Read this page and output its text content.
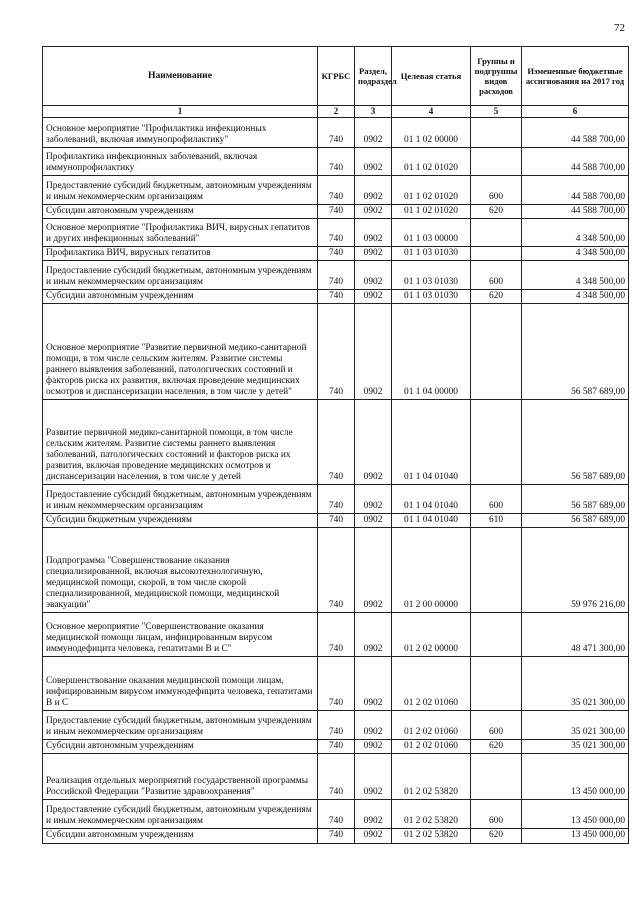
72
Наименование	КГРБС	Раздел, подраздел	Целевая статья	Группы и подгруппы видов расходов	Измененные бюджетные ассигнования на 2017 год
1	2	3	4	5	6
Основное мероприятие "Профилактика инфекционных заболеваний, включая иммунопрофилактику"	740	0902	01 1 02 00000		44 588 700,00
Профилактика инфекционных заболеваний, включая иммунопрофилактику	740	0902	01 1 02 01020		44 588 700,00
Предоставление субсидий бюджетным, автономным учреждениям и иным некоммерческим организациям	740	0902	01 1 02 01020	600	44 588 700,00
Субсидии автономным учреждениям	740	0902	01 1 02 01020	620	44 588 700,00
Основное мероприятие "Профилактика ВИЧ, вирусных гепатитов и других инфекционных заболеваний"	740	0902	01 1 03 00000		4 348 500,00
Профилактика ВИЧ, вирусных гепатитов	740	0902	01 1 03 01030		4 348 500,00
Предоставление субсидий бюджетным, автономным учреждениям и иным некоммерческим организациям	740	0902	01 1 03 01030	600	4 348 500,00
Субсидии автономным учреждениям	740	0902	01 1 03 01030	620	4 348 500,00
Основное мероприятие "Развитие первичной медико-санитарной помощи, в том числе сельским жителям. Развитие системы раннего выявления заболеваний, патологических состояний и факторов риска их развития, включая проведение медицинских осмотров и диспансеризации населения, в том числе у детей"	740	0902	01 1 04 00000		56 587 689,00
Развитие первичной медико-санитарной помощи, в том числе сельским жителям. Развитие системы раннего выявления заболеваний, патологических состояний и факторов риска их развития, включая проведение медицинских осмотров и диспансеризации населения, в том числе у детей	740	0902	01 1 04 01040		56 587 689,00
Предоставление субсидий бюджетным, автономным учреждениям и иным некоммерческим организациям	740	0902	01 1 04 01040	600	56 587 689,00
Субсидии бюджетным учреждениям	740	0902	01 1 04 01040	610	56 587 689,00
Подпрограмма "Совершенствование оказания специализированной, включая высокотехнологичную, медицинской помощи, скорой, в том числе скорой специализированной, медицинской помощи, медицинской эвакуации"	740	0902	01 2 00 00000		59 976 216,00
Основное мероприятие "Совершенствование оказания медицинской помощи лицам, инфицированным вирусом иммунодефицита человека, гепатитами В и С"	740	0902	01 2 02 00000		48 471 300,00
Совершенствование оказания медицинской помощи лицам, инфицированным вирусом иммунодефицита человека, гепатитами В и С	740	0902	01 2 02 01060		35 021 300,00
Предоставление субсидий бюджетным, автономным учреждениям и иным некоммерческим организациям	740	0902	01 2 02 01060	600	35 021 300,00
Субсидии автономным учреждениям	740	0902	01 2 02 01060	620	35 021 300,00
Реализация отдельных мероприятий государственной программы Российской Федерации "Развитие здравоохранения"	740	0902	01 2 02 53820		13 450 000,00
Предоставление субсидий бюджетным, автономным учреждениям и иным некоммерческим организациям	740	0902	01 2 02 53820	600	13 450 000,00
Субсидии автономным учреждениям	740	0902	01 2 02 53820	620	13 450 000,00
